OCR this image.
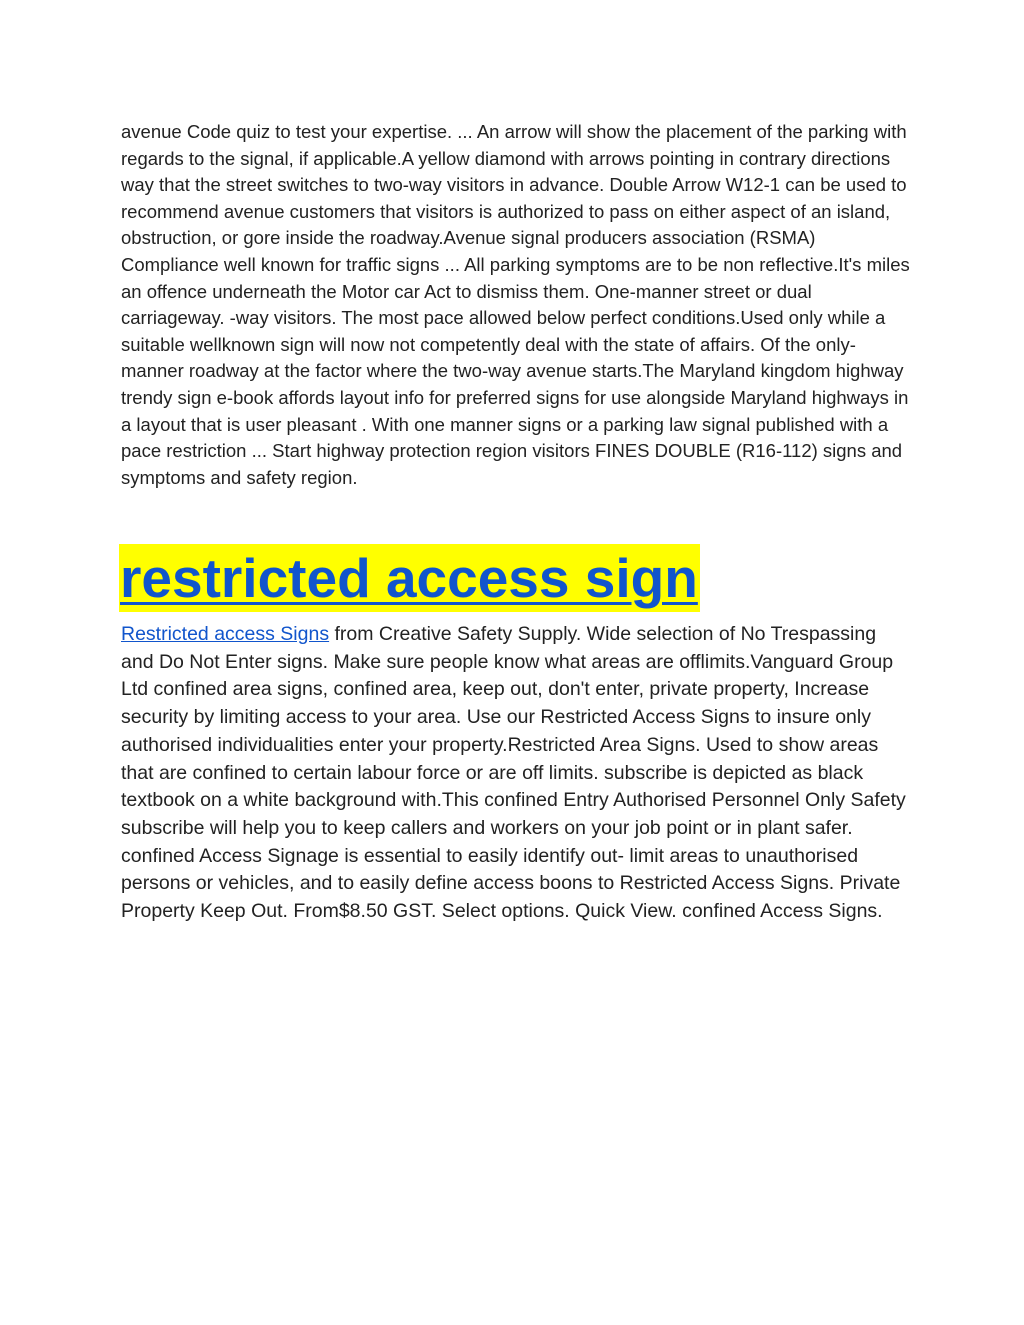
avenue Code quiz to test your expertise. ... An arrow will show the placement of the parking with regards to the signal, if applicable.A yellow diamond with arrows pointing in contrary directions way that the street switches to two-way visitors in advance. Double Arrow W12-1 can be used to recommend avenue customers that visitors is authorized to pass on either aspect of an island, obstruction, or gore inside the roadway.Avenue signal producers association (RSMA) Compliance well known for traffic signs ... All parking symptoms are to be non reflective.It's miles an offence underneath the Motor car Act to dismiss them. One-manner street or dual carriageway. -way visitors. The most pace allowed below perfect conditions.Used only while a suitable wellknown sign will now not competently deal with the state of affairs. Of the only-manner roadway at the factor where the two-way avenue starts.The Maryland kingdom highway trendy sign e-book affords layout info for preferred signs for use alongside Maryland highways in a layout that is user pleasant . With one manner signs or a parking law signal published with a pace restriction ... Start highway protection region visitors FINES DOUBLE (R16-112) signs and symptoms and safety region.

restricted access sign

Restricted access Signs from Creative Safety Supply. Wide selection of No Trespassing and Do Not Enter signs. Make sure people know what areas are offlimits.Vanguard Group Ltd confined area signs, confined area, keep out, don't enter, private property, Increase security by limiting access to your area. Use our Restricted Access Signs to insure only authorised individualities enter your property.Restricted Area Signs. Used to show areas that are confined to certain labour force or are off limits. subscribe is depicted as black textbook on a white background with.This confined Entry Authorised Personnel Only Safety subscribe will help you to keep callers and workers on your job point or in plant safer. confined Access Signage is essential to easily identify out- limit areas to unauthorised persons or vehicles, and to easily define access boons to Restricted Access Signs. Private Property Keep Out. From$8.50 GST. Select options. Quick View. confined Access Signs.
